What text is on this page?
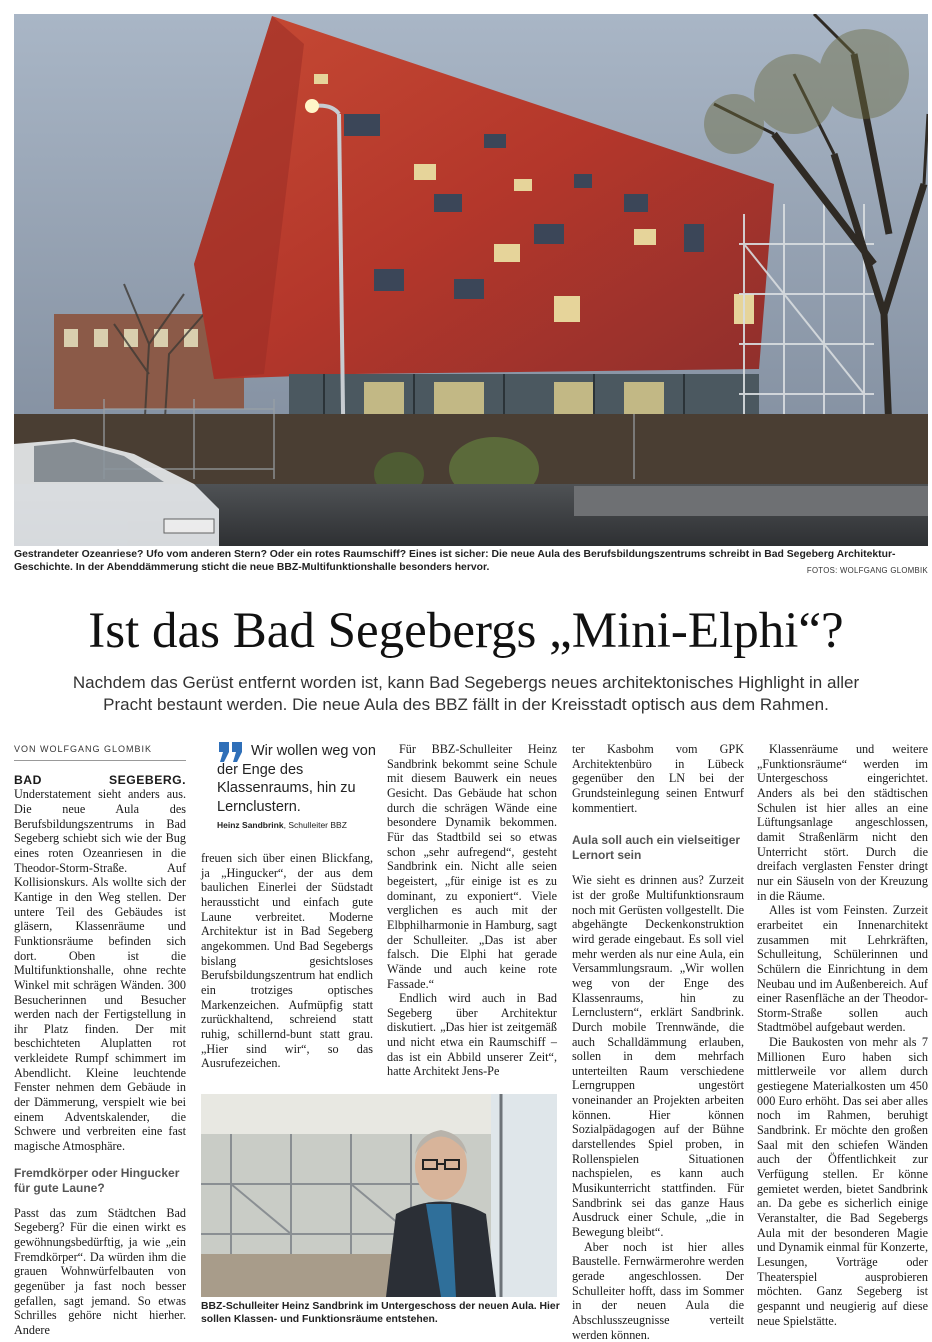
Gestrandeter Ozeanriese? Ufo vom anderen Stern? Oder ein rotes Raumschiff? Eines ist sicher: Die neue Aula des Berufsbildungszentrums schreibt in Bad Segeberg Architektur-Geschichte. In der Abenddämmerung sticht die neue BBZ-Multifunktionshalle besonders hervor.	FOTOS: WOLFGANG GLOMBIK
Ist das Bad Segebergs „Mini-Elphi“?
Nachdem das Gerüst entfernt worden ist, kann Bad Segebergs neues architektonisches Highlight in aller Pracht bestaunt werden. Die neue Aula des BBZ fällt in der Kreisstadt optisch aus dem Rahmen.
VON WOLFGANG GLOMBIK

BAD SEGEBERG. Understatement sieht anders aus. Die neue Aula des Berufsbildungszentrums in Bad Segeberg schiebt sich wie der Bug eines roten Ozeanriesen in die Theodor-Storm-Straße. Auf Kollisionskurs. Als wollte sich der Kantige in den Weg stellen. Der untere Teil des Gebäudes ist gläsern, Klassenräume und Funktionsräume befinden sich dort. Oben ist die Multifunktionshalle, ohne rechte Winkel mit schrägen Wänden. 300 Besucherinnen und Besucher werden nach der Fertigstellung in ihr Platz finden. Der mit beschichteten Aluplatten rot verkleidete Rumpf schimmert im Abendlicht. Kleine leuchtende Fenster nehmen dem Gebäude in der Dämmerung, verspielt wie bei einem Adventskalender, die Schwere und verbreiten eine fast magische Atmosphäre.

Fremdkörper oder Hingucker für gute Laune?

Passt das zum Städtchen Bad Segeberg? Für die einen wirkt es gewöhnungsbedürftig, ja wie „ein Fremdkörper“. Da würden ihm die grauen Wohnwürfelbauten von gegenüber ja fast noch besser gefallen, sagt jemand. So etwas Schrilles gehöre nicht hierher. Andere

Wir wollen weg von der Enge des Klassenraums, hin zu Lernclustern.

Heinz Sandbrink, Schulleiter BBZ

freuen sich über einen Blickfang, ja „Hingucker“, der aus dem baulichen Einerlei der Südstadt heraussticht und einfach gute Laune verbreitet. Moderne Architektur ist in Bad Segeberg angekommen. Und Bad Segebergs bislang gesichtsloses Berufsbildungszentrum hat endlich ein trotziges optisches Markenzeichen. Aufmüpfig statt zurückhaltend, schreiend statt ruhig, schillernd-bunt statt grau. „Hier sind wir“, so das Ausrufezeichen.

Für BBZ-Schulleiter Heinz Sandbrink bekommt seine Schule mit diesem Bauwerk ein neues Gesicht. Das Gebäude hat schon durch die schrägen Wände eine besondere Dynamik bekommen. Für das Stadtbild sei so etwas schon „sehr aufregend“, gesteht Sandbrink ein. Nicht alle seien begeistert, „für einige ist es zu dominant, zu exponiert“. Viele verglichen es auch mit der Elbphilharmonie in Hamburg, sagt der Schulleiter. „Das ist aber falsch. Die Elphi hat gerade Wände und auch keine rote Fassade.“

Endlich wird auch in Bad Segeberg über Architektur diskutiert. „Das hier ist zeitgemäß und nicht etwa ein Raumschiff – das ist ein Abbild unserer Zeit“, hatte Architekt Jens-Pe

BBZ-Schulleiter Heinz Sandbrink im Untergeschoss der neuen Aula. Hier sollen Klassen- und Funktionsräume entstehen.

ter Kasbohm vom GPK Architektenbüro in Lübeck gegenüber den LN bei der Grundsteinlegung seinen Entwurf kommentiert.

Aula soll auch ein vielseitiger Lernort sein

Wie sieht es drinnen aus? Zurzeit ist der große Multifunktionsraum noch mit Gerüsten vollgestellt. Die abgehängte Deckenkonstruktion wird gerade eingebaut. Es soll viel mehr werden als nur eine Aula, ein Versammlungsraum. „Wir wollen weg von der Enge des Klassenraums, hin zu Lernclustern“, erklärt Sandbrink. Durch mobile Trennwände, die auch Schalldämmung erlauben, sollen in dem mehrfach unterteilten Raum verschiedene Lerngruppen ungestört voneinander an Projekten arbeiten können. Hier können Sozialpädagogen auf der Bühne darstellendes Spiel proben, in Rollenspielen Situationen nachspielen, es kann auch Musikunterricht stattfinden. Für Sandbrink sei das ganze Haus Ausdruck einer Schule, „die in Bewegung bleibt“.

Aber noch ist hier alles Baustelle. Fernwärmerohre werden gerade angeschlossen. Der Schulleiter hofft, dass im Sommer in der neuen Aula die Abschlusszeugnisse verteilt werden können.

Klassenräume und weitere „Funktionsräume“ werden im Untergeschoss eingerichtet. Anders als bei den städtischen Schulen ist hier alles an eine Lüftungsanlage angeschlossen, damit Straßenlärm nicht den Unterricht stört. Durch die dreifach verglasten Fenster dringt nur ein Säuseln von der Kreuzung in die Räume.

Alles ist vom Feinsten. Zurzeit erarbeitet ein Innenarchitekt zusammen mit Lehrkräften, Schulleitung, Schülerinnen und Schülern die Einrichtung in dem Neubau und im Außenbereich. Auf einer Rasenfläche an der Theodor-Storm-Straße sollen auch Stadtmöbel aufgebaut werden.

Die Baukosten von mehr als 7 Millionen Euro haben sich mittlerweile vor allem durch gestiegene Materialkosten um 450 000 Euro erhöht. Das sei aber alles noch im Rahmen, beruhigt Sandbrink. Er möchte den großen Saal mit den schiefen Wänden auch der Öffentlichkeit zur Verfügung stellen. Er könne gemietet werden, bietet Sandbrink an. Da gebe es sicherlich einige Veranstalter, die Bad Segebergs Aula mit der besonderen Magie und Dynamik einmal für Konzerte, Lesungen, Vorträge oder Theaterspiel ausprobieren möchten. Ganz Segeberg ist gespannt und neugierig auf diese neue Spielstätte.
